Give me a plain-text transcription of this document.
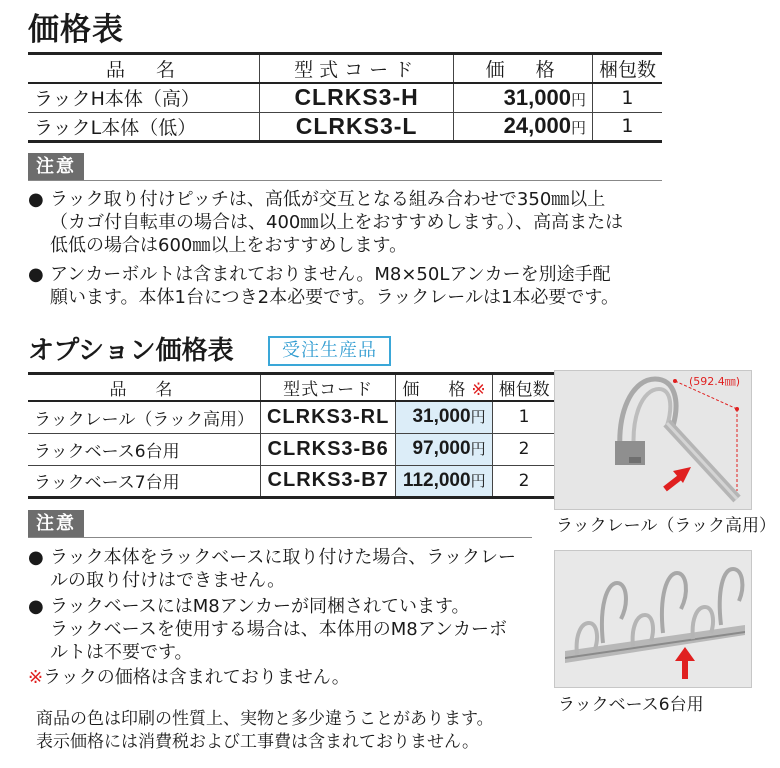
価格表
品　名	型式コード	価　格	梱包数
ラックH本体（高）	CLRKS3-H	31,000円	1
ラックL本体（低）	CLRKS3-L	24,000円	1
注意
● ラック取り付けピッチは、高低が交互となる組み合わせで350㎜以上
（カゴ付自転車の場合は、400㎜以上をおすすめします。）、高高または
低低の場合は600㎜以上をおすすめします。

● アンカーボルトは含まれておりません。M8×50Lアンカーを別途手配
願います。本体1台につき2本必要です。ラックレールは1本必要です。

オプション価格表	受注生産品
品　名	型式コード	価　格※	梱包数
ラックレール（ラック高用）	CLRKS3-RL	31,000円	1
ラックベース6台用	CLRKS3-B6	97,000円	2
ラックベース7台用	CLRKS3-B7	112,000円	2
注意
● ラック本体をラックベースに取り付けた場合、ラックレー
ルの取り付けはできません。

● ラックベースにはM8アンカーが同梱されています。
ラックベースを使用する場合は、本体用のM8アンカーボ
ルトは不要です。

※ラックの価格は含まれておりません。

商品の色は印刷の性質上、実物と多少違うことがあります。

表示価格には消費税および工事費は含まれておりません。

(592.4㎜)
ラックレール（ラック高用）
ラックベース6台用
